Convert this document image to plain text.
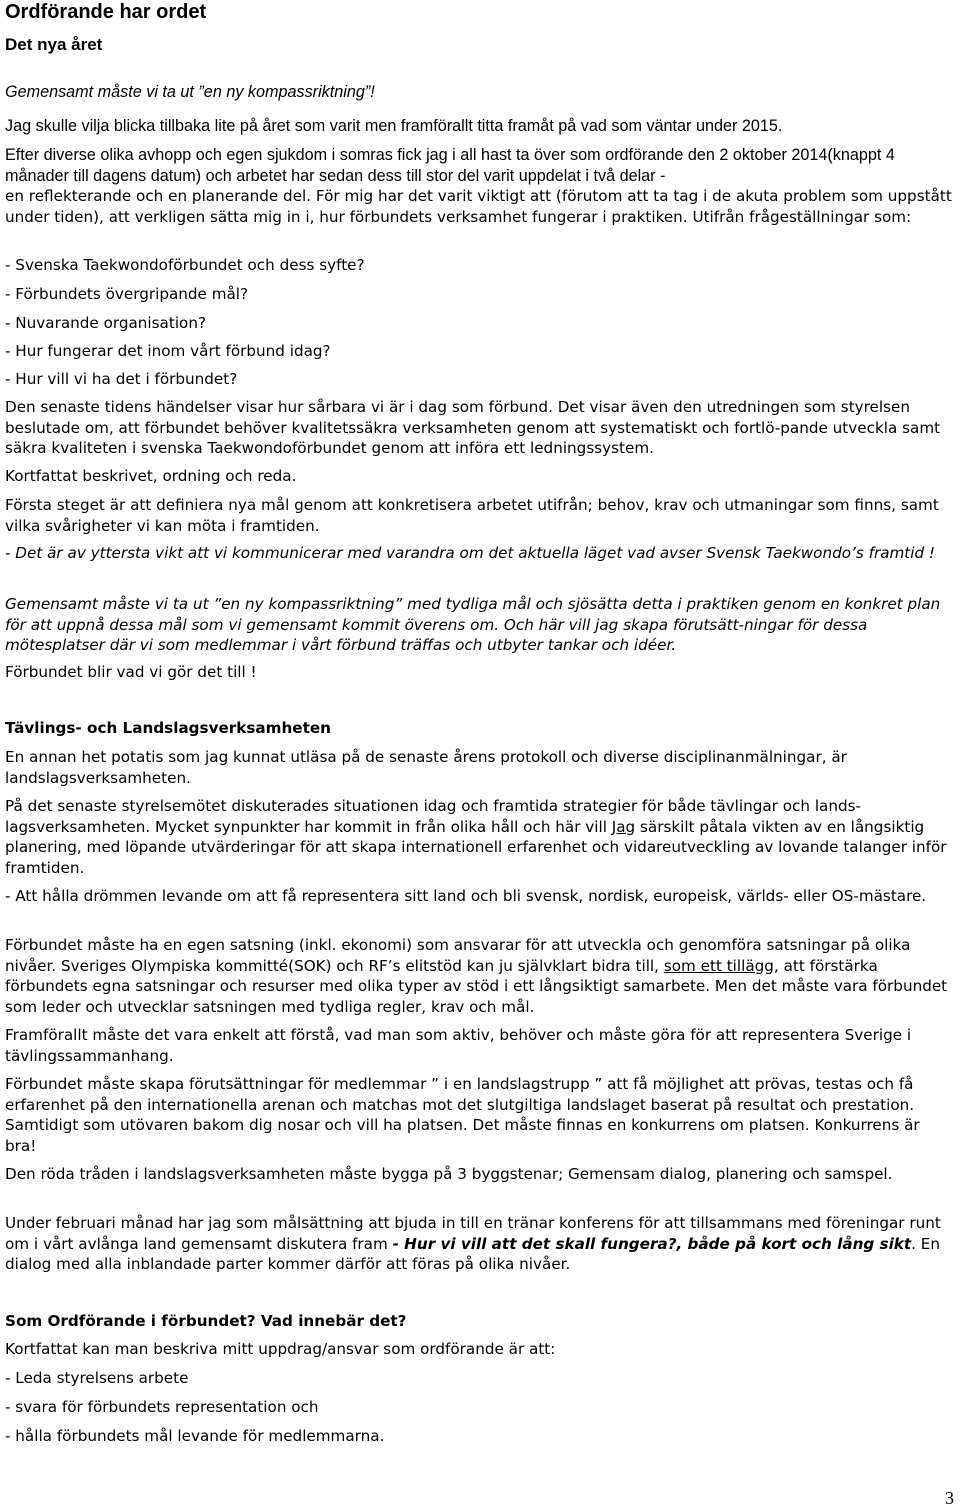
Ordförande har ordet
Det nya året
Gemensamt måste vi ta ut ”en ny kompassriktning”!
Jag skulle vilja blicka tillbaka lite på året som varit men framförallt titta framåt på vad som väntar under 2015.
Efter diverse olika avhopp och egen sjukdom i somras fick jag i all hast ta över som ordförande den 2 oktober 2014(knappt 4 månader till dagens datum) och arbetet har sedan dess till stor del varit uppdelat i två delar -
en reflekterande och en planerande del. För mig har det varit viktigt att (förutom att ta tag i de akuta problem som uppstått under tiden), att verkligen sätta mig in i, hur förbundets verksamhet fungerar i praktiken. Utifrån frågeställningar som:
- Svenska Taekwondoförbundet och dess syfte?
- Förbundets övergripande mål?
- Nuvarande organisation?
- Hur fungerar det inom vårt förbund idag?
- Hur vill vi ha det i förbundet?
Den senaste tidens händelser visar hur sårbara vi är i dag som förbund. Det visar även den utredningen som styrelsen beslutade om, att förbundet behöver kvalitetssäkra verksamheten genom att systematiskt och fortlö-pande utveckla samt säkra kvaliteten i svenska Taekwondoförbundet genom att införa ett ledningssystem.
Kortfattat beskrivet, ordning och reda.
Första steget är att definiera nya mål genom att konkretisera arbetet utifrån; behov, krav och utmaningar som finns, samt vilka svårigheter vi kan möta i framtiden.
- Det är av yttersta vikt att vi kommunicerar med varandra om det aktuella läget vad avser Svensk Taekwondo’s framtid !
Gemensamt måste vi ta ut ”en ny kompassriktning” med tydliga mål och sjösätta detta i praktiken genom en konkret plan för att uppnå dessa mål som vi gemensamt kommit överens om. Och här vill jag skapa förutsätt-ningar för dessa mötesplatser där vi som medlemmar i vårt förbund träffas och utbyter tankar och idéer.
Förbundet blir vad vi gör det till !
Tävlings- och Landslagsverksamheten
En annan het potatis som jag kunnat utläsa på de senaste årens protokoll och diverse disciplinanmälningar, är landslagsverksamheten.
På det senaste styrelsemötet diskuterades situationen idag och framtida strategier för både tävlingar och lands-lagsverksamheten. Mycket synpunkter har kommit in från olika håll och här vill Jag särskilt påtala vikten av en långsiktig planering, med löpande utvärderingar för att skapa internationell erfarenhet och vidareutveckling av lovande talanger inför framtiden.
- Att hålla drömmen levande om att få representera sitt land och bli svensk, nordisk, europeisk, världs- eller OS-mästare.
Förbundet måste ha en egen satsning (inkl. ekonomi) som ansvarar för att utveckla och genomföra satsningar på olika nivåer. Sveriges Olympiska kommitté(SOK) och RF’s elitstöd kan ju självklart bidra till, som ett tillägg, att förstärka förbundets egna satsningar och resurser med olika typer av stöd i ett långsiktigt samarbete. Men det måste vara förbundet som leder och utvecklar satsningen med tydliga regler, krav och mål.
Framförallt måste det vara enkelt att förstå, vad man som aktiv, behöver och måste göra för att representera Sverige i tävlingssammanhang.
Förbundet måste skapa förutsättningar för medlemmar ” i en landslagstrupp ” att få möjlighet att prövas, testas och få erfarenhet på den internationella arenan och matchas mot det slutgiltiga landslaget baserat på resultat och prestation. Samtidigt som utövaren bakom dig nosar och vill ha platsen. Det måste finnas en konkurrens om platsen. Konkurrens är bra!
Den röda tråden i landslagsverksamheten måste bygga på 3 byggstenar; Gemensam dialog, planering och samspel.
Under februari månad har jag som målsättning att bjuda in till en tränar konferens för att tillsammans med föreningar runt om i vårt avlånga land gemensamt diskutera fram - Hur vi vill att det skall fungera?, både på kort och lång sikt. En dialog med alla inblandade parter kommer därför att föras på olika nivåer.
Som Ordförande i förbundet? Vad innebär det?
Kortfattat kan man beskriva mitt uppdrag/ansvar som ordförande är att:
- Leda styrelsens arbete
- svara för förbundets representation och
- hålla förbundets mål levande för medlemmarna.
3
